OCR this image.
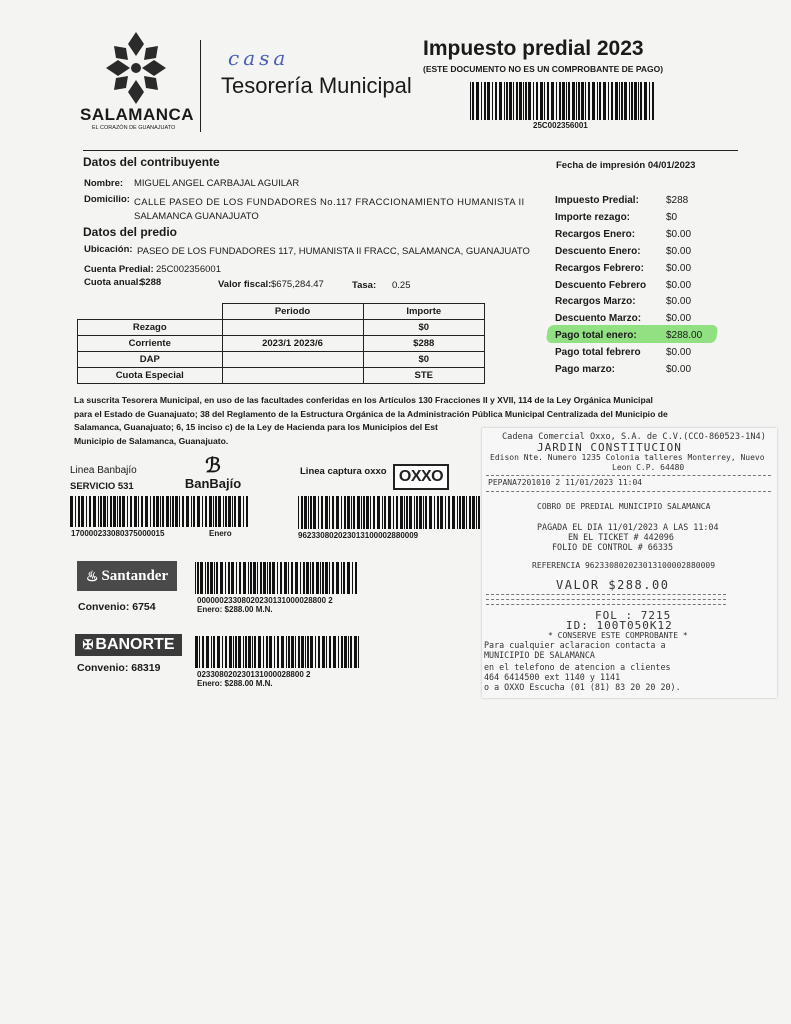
SALAMANCA
EL CORAZÓN DE GUANAJUATO
casa
Tesorería Municipal
Impuesto predial 2023
(ESTE DOCUMENTO NO ES UN COMPROBANTE DE PAGO)
25C002356001
Datos del contribuyente	Fecha de impresión 04/01/2023
Nombre: MIGUEL ANGEL CARBAJAL AGUILAR
Domicilio: CALLE PASEO DE LOS FUNDADORES No.117 FRACCIONAMIENTO HUMANISTA II
SALAMANCA GUANAJUATO
Datos del predio
Ubicación: PASEO DE LOS FUNDADORES 117, HUMANISTA II FRACC, SALAMANCA, GUANAJUATO
Cuenta Predial: 25C002356001
Cuota anual:
$288	Valor fiscal: $675,284.47	Tasa: 0.25
	Periodo	Importe
Rezago		$0
Corriente	2023/1 2023/6	$288
DAP		$0
Cuota Especial		STE
Impuesto Predial:	$288
Importe rezago:	$0
Recargos Enero:	$0.00
Descuento Enero:	$0.00
Recargos Febrero: $0.00
Descuento Febrero $0.00
Recargos Marzo:	$0.00
Descuento Marzo: $0.00
Pago total enero:	$288.00
Pago total febrero	$0.00
Pago marzo:	$0.00
La suscrita Tesorera Municipal, en uso de las facultades conferidas en los Artículos 130 Fracciones II y XVII, 114 de la Ley Orgánica Municipal
para el Estado de Guanajuato; 38 del Reglamento de la Estructura Orgánica de la Administración Pública Municipal Centralizada del Municipio de
Salamanca, Guanajuato; 6, 15 inciso c) de la Ley de Hacienda para los Municipios del Est
Municipio de Salamanca, Guanajuato.
Linea Banbajío
SERVICIO 531
ℬ
BanBajío
170000233080375000015	Enero
Linea captura oxxo OXXO
962330802023013100002880009
♨ Santander
Convenio: 6754
00000023308020230131000028800 2
Enero: $288.00 M.N.
✠ BANORTE
Convenio: 68319
023308020230131000028800 2
Enero: $288.00 M.N.
Cadena Comercial Oxxo, S.A. de C.V.(CCO-860523-1N4)
JARDIN CONSTITUCION
Edison Nte. Numero 1235 Colonia talleres Monterrey, Nuevo
Leon C.P. 64480
PEPANA7201010 2 11/01/2023 11:04
COBRO DE PREDIAL MUNICIPIO SALAMANCA
PAGADA EL DIA 11/01/2023 A LAS 11:04
EN EL TICKET # 442096
FOLIO DE CONTROL # 66335
REFERENCIA 962330802023013100002880009
VALOR $288.00
FOL : 7215
ID: 100T050K12
* CONSERVE ESTE COMPROBANTE *
Para cualquier aclaracion contacta a
MUNICIPIO DE SALAMANCA
en el telefono de atencion a clientes
464 6414500 ext 1140 y 1141
o a OXXO Escucha (01 (81) 83 20 20 20).
